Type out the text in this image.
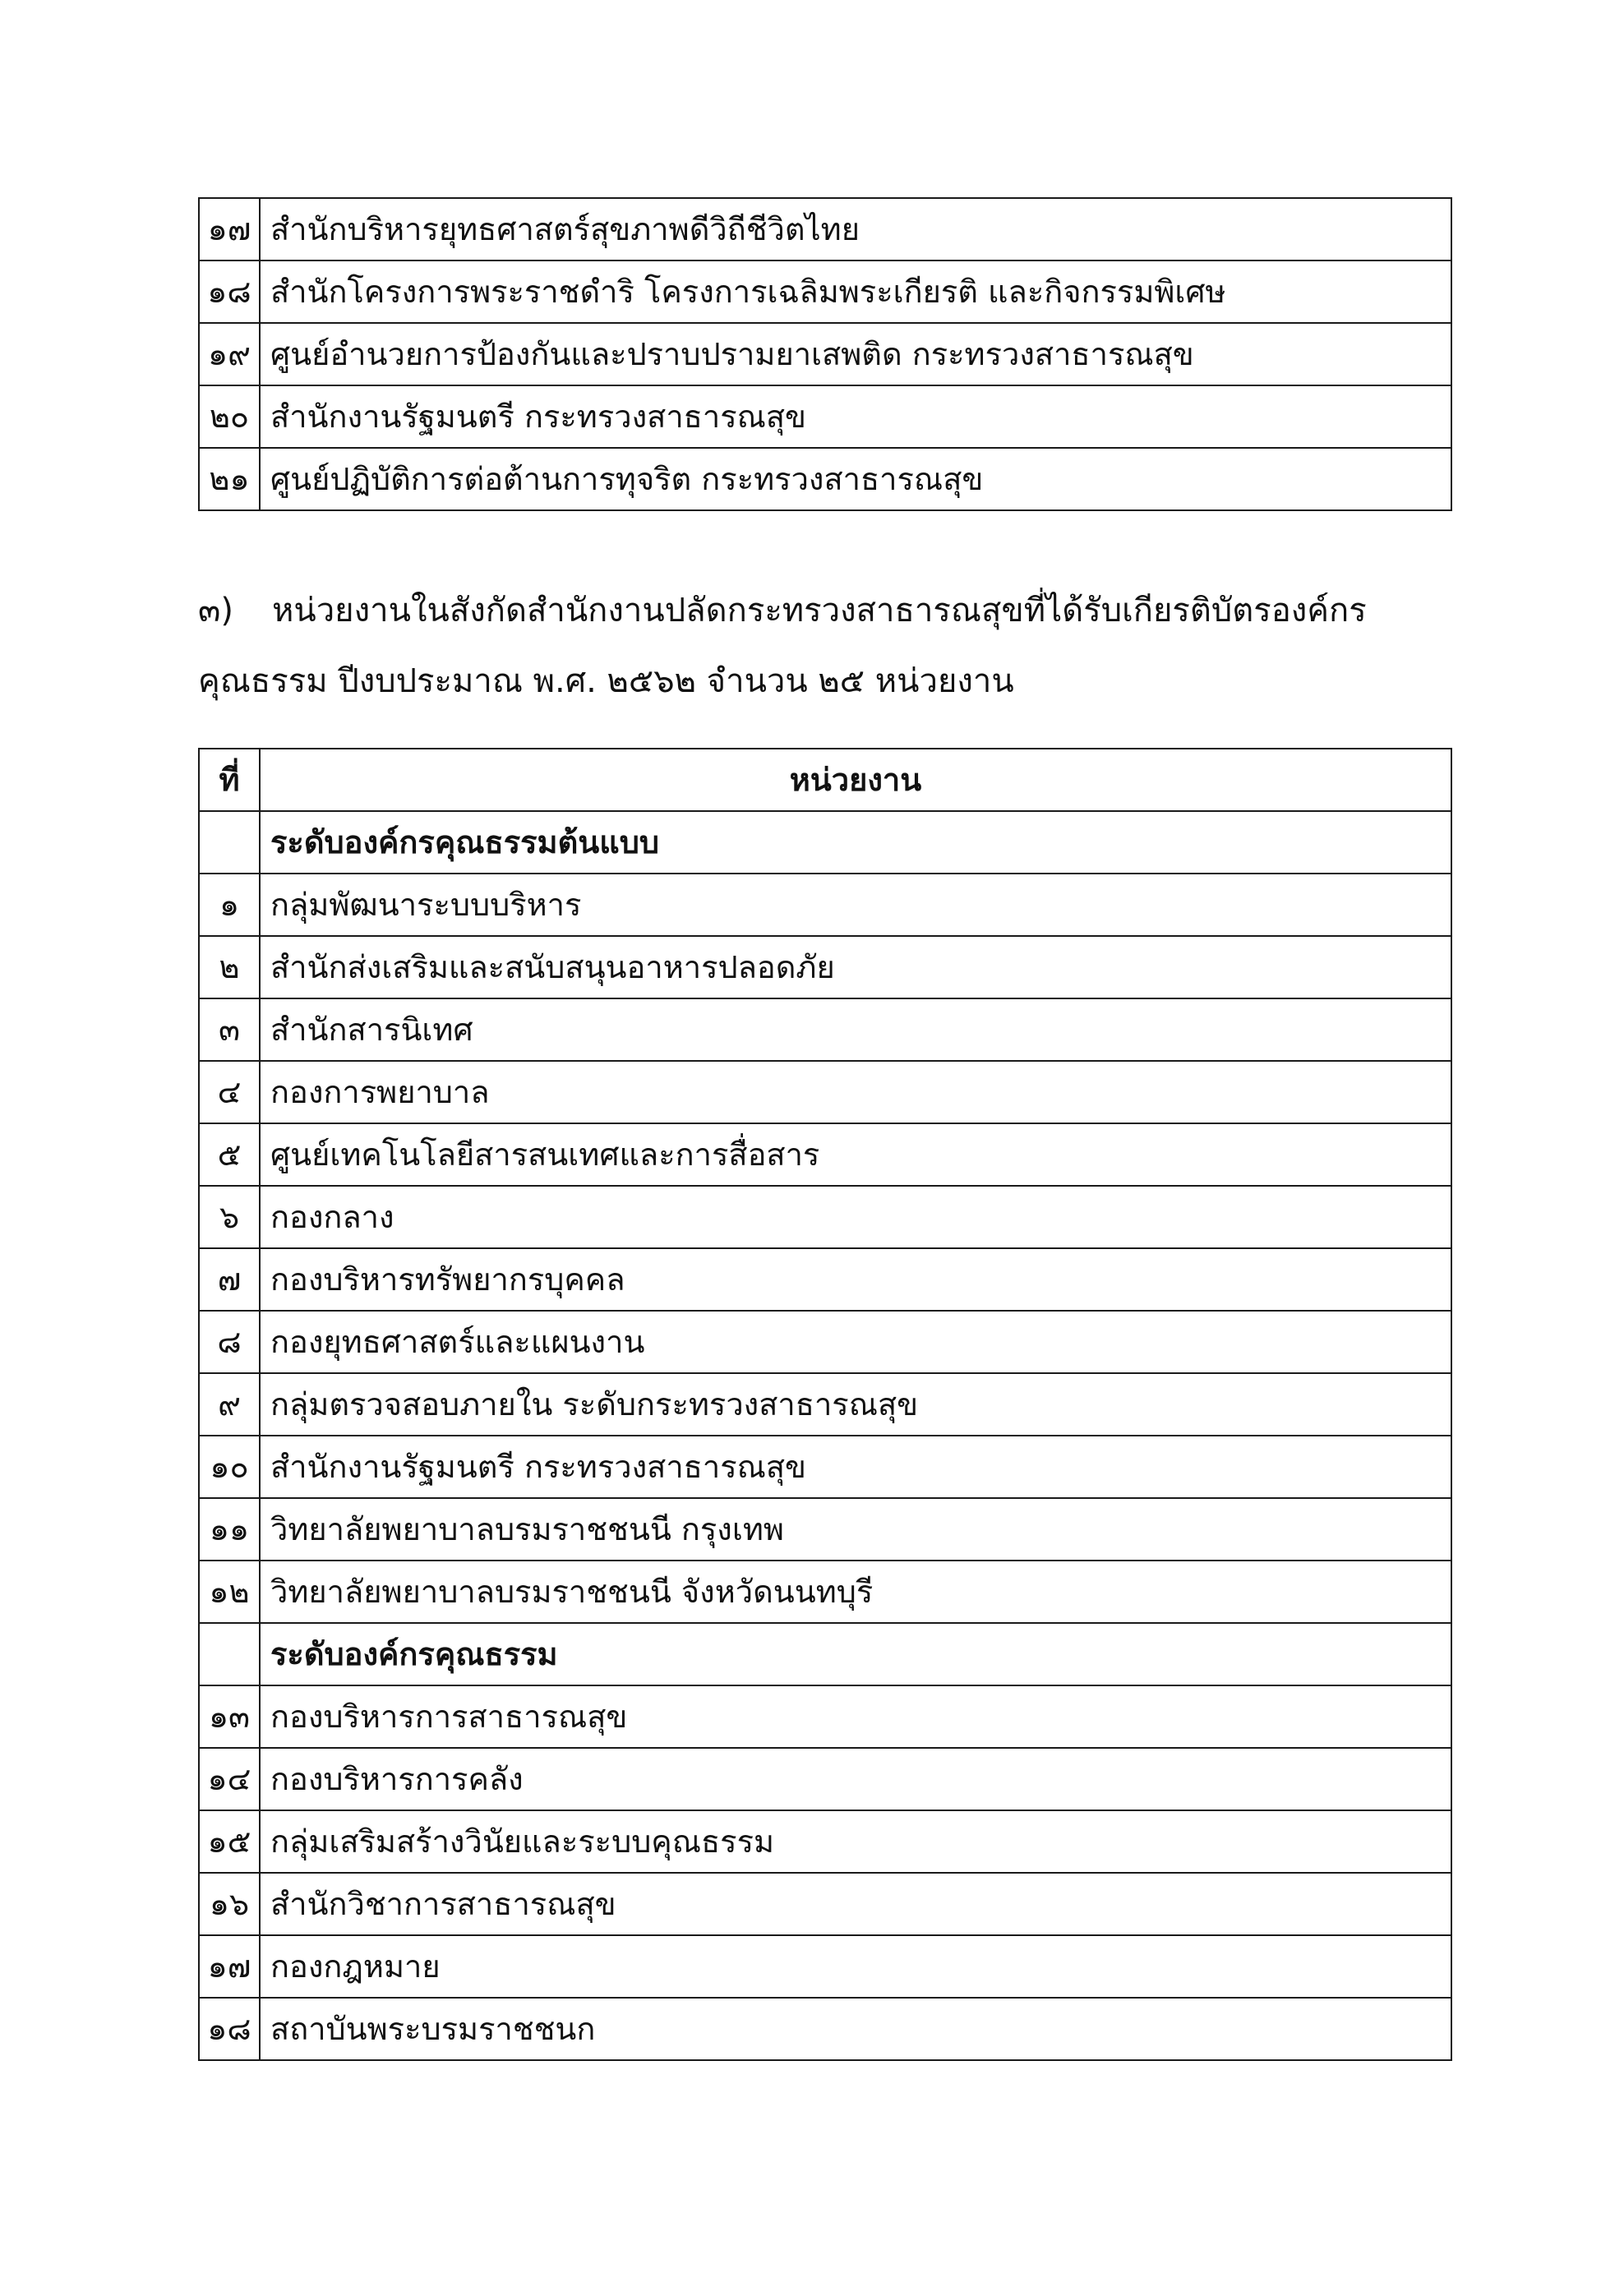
๑๗	สำนักบริหารยุทธศาสตร์สุขภาพดีวิถีชีวิตไทย
๑๘	สำนักโครงการพระราชดำริ โครงการเฉลิมพระเกียรติ และกิจกรรมพิเศษ
๑๙	ศูนย์อำนวยการป้องกันและปราบปรามยาเสพติด กระทรวงสาธารณสุข
๒๐	สำนักงานรัฐมนตรี กระทรวงสาธารณสุข
๒๑	ศูนย์ปฏิบัติการต่อต้านการทุจริต กระทรวงสาธารณสุข
๓) หน่วยงานในสังกัดสำนักงานปลัดกระทรวงสาธารณสุขที่ได้รับเกียรติบัตรองค์กร
คุณธรรม ปีงบประมาณ พ.ศ. ๒๕๖๒ จำนวน ๒๕ หน่วยงาน
ที่	หน่วยงาน
	ระดับองค์กรคุณธรรมต้นแบบ
๑	กลุ่มพัฒนาระบบบริหาร
๒	สำนักส่งเสริมและสนับสนุนอาหารปลอดภัย
๓	สำนักสารนิเทศ
๔	กองการพยาบาล
๕	ศูนย์เทคโนโลยีสารสนเทศและการสื่อสาร
๖	กองกลาง
๗	กองบริหารทรัพยากรบุคคล
๘	กองยุทธศาสตร์และแผนงาน
๙	กลุ่มตรวจสอบภายใน ระดับกระทรวงสาธารณสุข
๑๐	สำนักงานรัฐมนตรี กระทรวงสาธารณสุข
๑๑	วิทยาลัยพยาบาลบรมราชชนนี กรุงเทพ
๑๒	วิทยาลัยพยาบาลบรมราชชนนี จังหวัดนนทบุรี
	ระดับองค์กรคุณธรรม
๑๓	กองบริหารการสาธารณสุข
๑๔	กองบริหารการคลัง
๑๕	กลุ่มเสริมสร้างวินัยและระบบคุณธรรม
๑๖	สำนักวิชาการสาธารณสุข
๑๗	กองกฎหมาย
๑๘	สถาบันพระบรมราชชนก
